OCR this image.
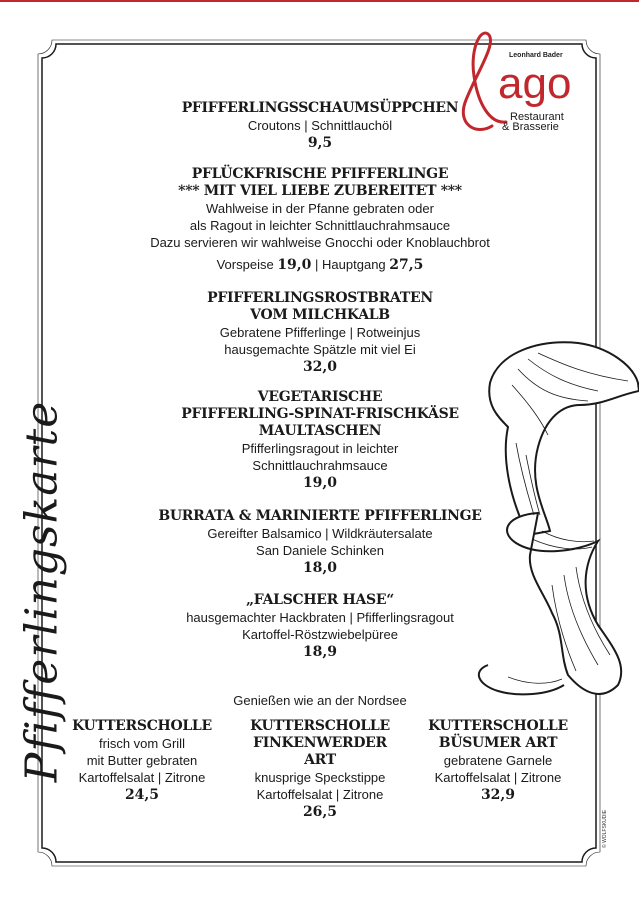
Leonhard Bader
ago
Restaurant
& Brasserie
Pfifferlingskarte
PFIFFERLINGSSCHAUMSÜPPCHEN
Croutons | Schnittlauchöl
9,5
PFLÜCKFRISCHE PFIFFERLINGE
*** MIT VIEL LIEBE ZUBEREITET ***
Wahlweise in der Pfanne gebraten oder
als Ragout in leichter Schnittlauchrahmsauce
Dazu servieren wir wahlweise Gnocchi oder Knoblauchbrot
Vorspeise 19,0 | Hauptgang 27,5
PFIFFERLINGSROSTBRATEN
VOM MILCHKALB
Gebratene Pfifferlinge | Rotweinjus
hausgemachte Spätzle mit viel Ei
32,0
VEGETARISCHE
PFIFFERLING-SPINAT-FRISCHKÄSE
MAULTASCHEN
Pfifferlingsragout in leichter
Schnittlauchrahmsauce
19,0
BURRATA & MARINIERTE PFIFFERLINGE
Gereifter Balsamico | Wildkräutersalate
San Daniele Schinken
18,0
„FALSCHER HASE“
hausgemachter Hackbraten | Pfifferlingsragout
Kartoffel-Röstzwiebelpüree
18,9
Genießen wie an der Nordsee
KUTTERSCHOLLE
frisch vom Grill
mit Butter gebraten
Kartoffelsalat | Zitrone
24,5
KUTTERSCHOLLE
FINKENWERDER ART
knusprige Speckstippe
Kartoffelsalat | Zitrone
26,5
KUTTERSCHOLLE
BÜSUMER ART
gebratene Garnele
Kartoffelsalat | Zitrone
32,9
© WOLFSKUDIE
